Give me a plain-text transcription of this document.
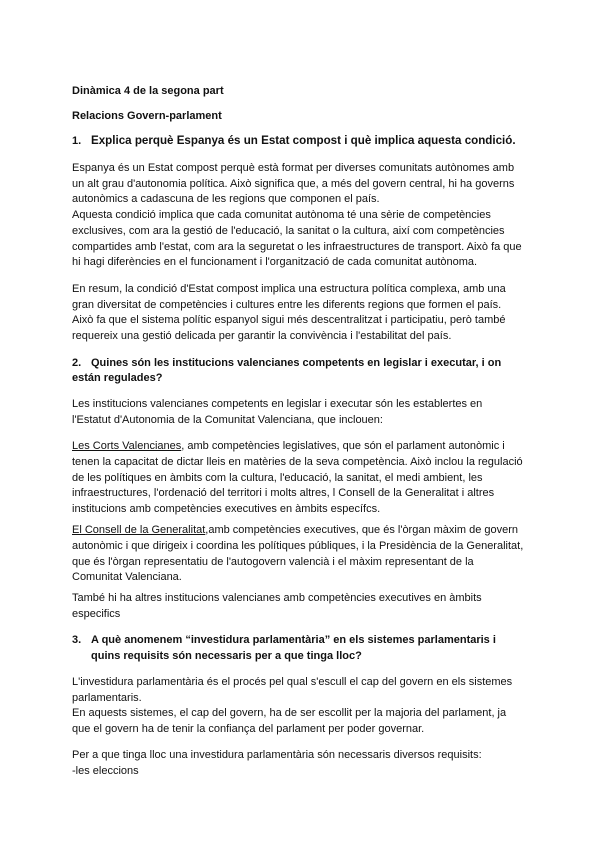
Dinàmica 4 de la segona part
Relacions Govern-parlament
1. Explica perquè Espanya és un Estat compost i què implica aquesta condició.
Espanya és un Estat compost perquè està format per diverses comunitats autònomes amb
un alt grau d'autonomia política. Això significa que, a més del govern central, hi ha governs
autonòmics a cadascuna de les regions que componen el país.
Aquesta condició implica que cada comunitat autònoma té una sèrie de competències
exclusives, com ara la gestió de l'educació, la sanitat o la cultura, així com competències
compartides amb l'estat, com ara la seguretat o les infraestructures de transport. Això fa que
hi hagi diferències en el funcionament i l'organització de cada comunitat autònoma.
En resum, la condició d'Estat compost implica una estructura política complexa, amb una
gran diversitat de competències i cultures entre les diferents regions que formen el país.
Això fa que el sistema polític espanyol sigui més descentralitzat i participatiu, però també
requereix una gestió delicada per garantir la convivència i l'estabilitat del país.
2. Quines són les institucions valencianes competents en legislar i executar, i on
están regulades?
Les institucions valencianes competents en legislar i executar són les establertes en
l'Estatut d'Autonomia de la Comunitat Valenciana, que inclouen:
Les Corts Valencianes, amb competències legislatives, que són el parlament autonòmic i
tenen la capacitat de dictar lleis en matèries de la seva competència. Això inclou la regulació
de les polítiques en àmbits com la cultura, l'educació, la sanitat, el medi ambient, les
infraestructures, l'ordenació del territori i molts altres, l Consell de la Generalitat i altres
institucions amb competències executives en àmbits específcs.
El Consell de la Generalitat,amb competències executives, que és l'òrgan màxim de govern
autonòmic i que dirigeix i coordina les polítiques públiques, i la Presidència de la Generalitat,
que és l'òrgan representatiu de l'autogovern valencià i el màxim representant de la
Comunitat Valenciana.
També hi ha altres institucions valencianes amb competències executives en àmbits
especifics
3. A què anomenem “investidura parlamentària” en els sistemes parlamentaris i
quins requisits són necessaris per a que tinga lloc?
L'investidura parlamentària és el procés pel qual s'escull el cap del govern en els sistemes
parlamentaris.
En aquests sistemes, el cap del govern, ha de ser escollit per la majoria del parlament, ja
que el govern ha de tenir la confiança del parlament per poder governar.
Per a que tinga lloc una investidura parlamentària són necessaris diversos requisits:
-les eleccions
